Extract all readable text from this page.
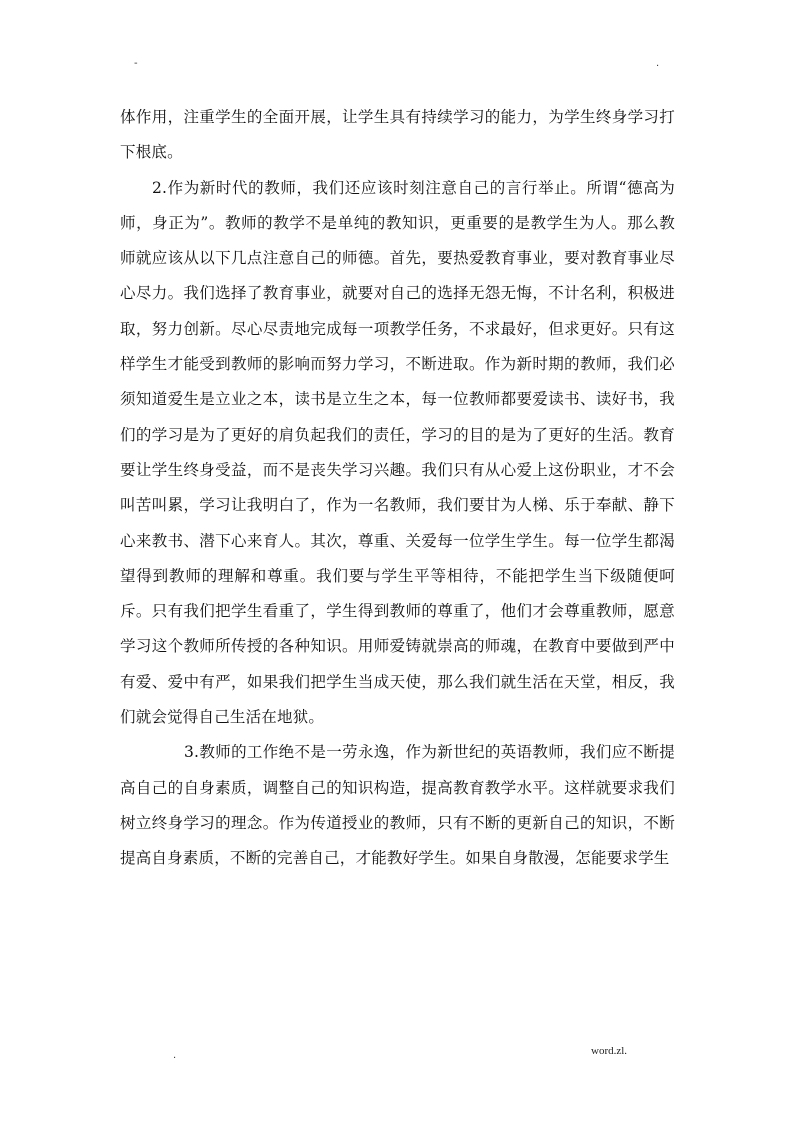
-	.

体作用，注重学生的全面开展，让学生具有持续学习的能力，为学生终身学习打下根底。

2.作为新时代的教师，我们还应该时刻注意自己的言行举止。所谓“德高为师，身正为”。教师的教学不是单纯的教知识，更重要的是教学生为人。那么教师就应该从以下几点注意自己的师德。首先，要热爱教育事业，要对教育事业尽心尽力。我们选择了教育事业，就要对自己的选择无怨无悔，不计名利，积极进取，努力创新。尽心尽责地完成每一项教学任务，不求最好，但求更好。只有这样学生才能受到教师的影响而努力学习，不断进取。作为新时期的教师，我们必须知道爱生是立业之本，读书是立生之本，每一位教师都要爱读书、读好书，我们的学习是为了更好的肩负起我们的责任，学习的目的是为了更好的生活。教育要让学生终身受益，而不是丧失学习兴趣。我们只有从心爱上这份职业，才不会叫苦叫累，学习让我明白了，作为一名教师，我们要甘为人梯、乐于奉献、静下心来教书、潜下心来育人。其次，尊重、关爱每一位学生学生。每一位学生都渴望得到教师的理解和尊重。我们要与学生平等相待，不能把学生当下级随便呵斥。只有我们把学生看重了，学生得到教师的尊重了，他们才会尊重教师，愿意学习这个教师所传授的各种知识。用师爱铸就崇高的师魂，在教育中要做到严中有爱、爱中有严，如果我们把学生当成天使，那么我们就生活在天堂，相反，我们就会觉得自己生活在地狱。

3.教师的工作绝不是一劳永逸，作为新世纪的英语教师，我们应不断提高自己的自身素质，调整自己的知识构造，提高教育教学水平。这样就要求我们树立终身学习的理念。作为传道授业的教师，只有不断的更新自己的知识，不断提高自身素质，不断的完善自己，才能教好学生。如果自身散漫，怎能要求学生

.	word.zl.
